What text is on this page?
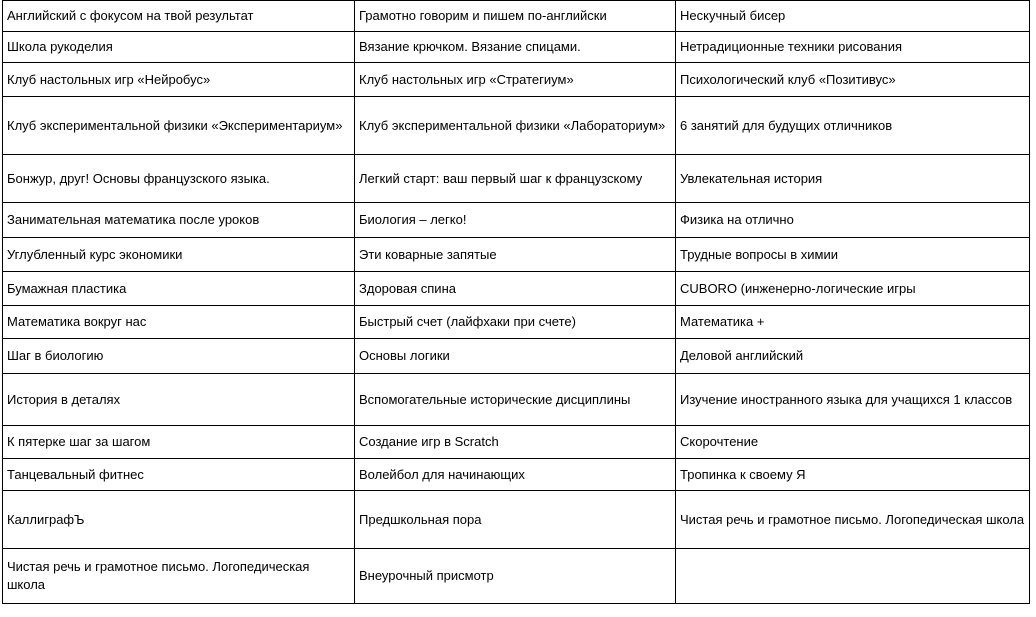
Английский с фокусом на твой результат	Грамотно говорим и пишем по-английски	Нескучный бисер
Школа рукоделия	Вязание крючком. Вязание спицами.	Нетрадиционные техники рисования
Клуб настольных игр «Нейробус»	Клуб настольных игр «Стратегиум»	Психологический клуб «Позитивус»
Клуб экспериментальной физики «Экспериментариум»	Клуб экспериментальной физики «Лабораториум»	6 занятий для будущих отличников
Бонжур, друг! Основы французского языка.	Легкий старт: ваш первый шаг к французскому	Увлекательная история
Занимательная математика после уроков	Биология – легко!	Физика на отлично
Углубленный курс экономики	Эти коварные запятые	Трудные вопросы в химии
Бумажная пластика	Здоровая спина	CUBORO (инженерно-логические игры
Математика вокруг нас	Быстрый счет (лайфхаки при счете)	Математика +
Шаг в биологию	Основы логики	Деловой английский
История в деталях	Вспомогательные исторические дисциплины	Изучение иностранного языка для учащихся 1 классов
К пятерке шаг за шагом	Создание игр в Scratch	Скорочтение
Танцевальный фитнес	Волейбол для начинающих	Тропинка к своему Я
КаллиграфЪ	Предшкольная пора	Чистая речь и грамотное письмо. Логопедическая школа
Чистая речь и грамотное письмо. Логопедическая школа	Внеурочный присмотр	
